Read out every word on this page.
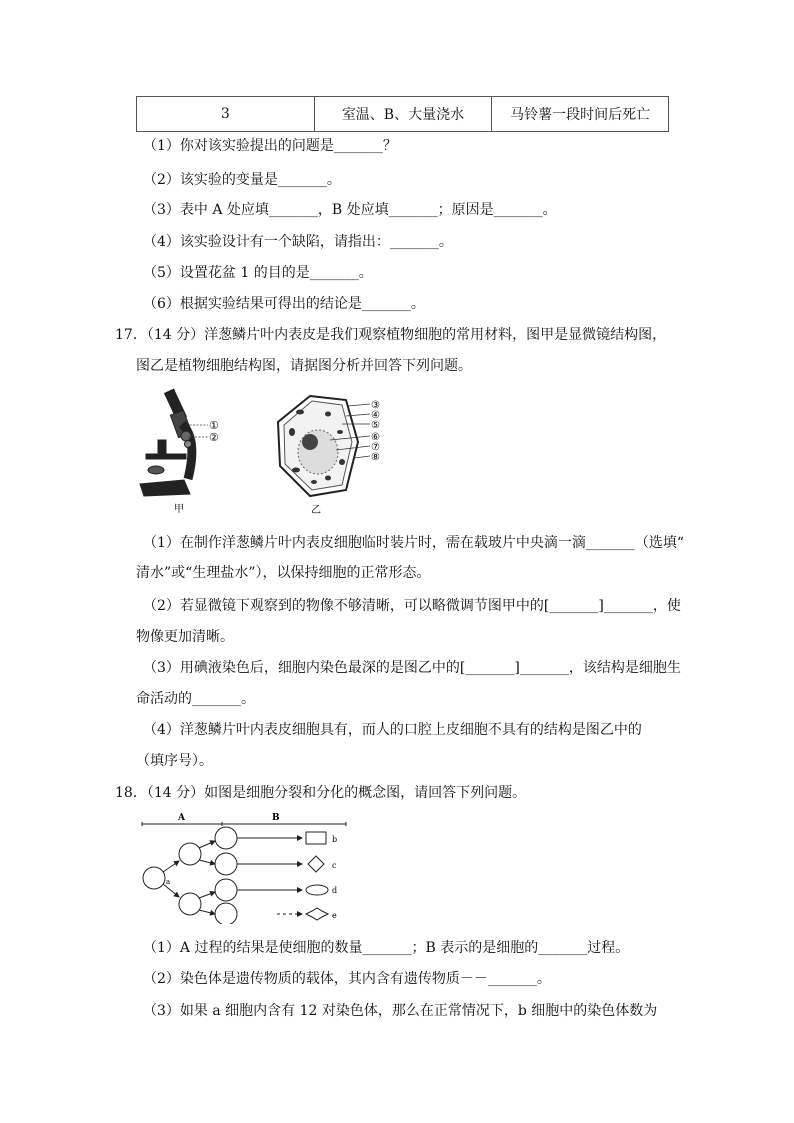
3	室温、B、大量浇水	马铃薯一段时间后死亡
（1）你对该实验提出的问题是_______？
（2）该实验的变量是_______。
（3）表中 A 处应填_______，B 处应填_______；原因是_______。
（4）该实验设计有一个缺陷，请指出：_______。
（5）设置花盆 1 的目的是_______。
（6）根据实验结果可得出的结论是_______。
17．（14 分）洋葱鳞片叶内表皮是我们观察植物细胞的常用材料，图甲是显微镜结构图，
图乙是植物细胞结构图，请据图分析并回答下列问题。
①
②
甲
③
④
⑤
⑥
⑦
⑧
乙
（1）在制作洋葱鳞片叶内表皮细胞临时装片时，需在载玻片中央滴一滴_______（选填“
清水”或“生理盐水”），以保持细胞的正常形态。
（2）若显微镜下观察到的物像不够清晰，可以略微调节图甲中的[_______]_______，使
物像更加清晰。
（3）用碘液染色后，细胞内染色最深的是图乙中的[_______]_______，该结构是细胞生
命活动的_______。
（4）洋葱鳞片叶内表皮细胞具有，而人的口腔上皮细胞不具有的结构是图乙中的
（填序号）。
18．（14 分）如图是细胞分裂和分化的概念图，请回答下列问题。
A	B
a
b
c
d
e
（1）A 过程的结果是使细胞的数量_______；B 表示的是细胞的_______过程。
（2）染色体是遗传物质的载体，其内含有遗传物质－－_______。
（3）如果 a 细胞内含有 12 对染色体，那么在正常情况下，b 细胞中的染色体数为
